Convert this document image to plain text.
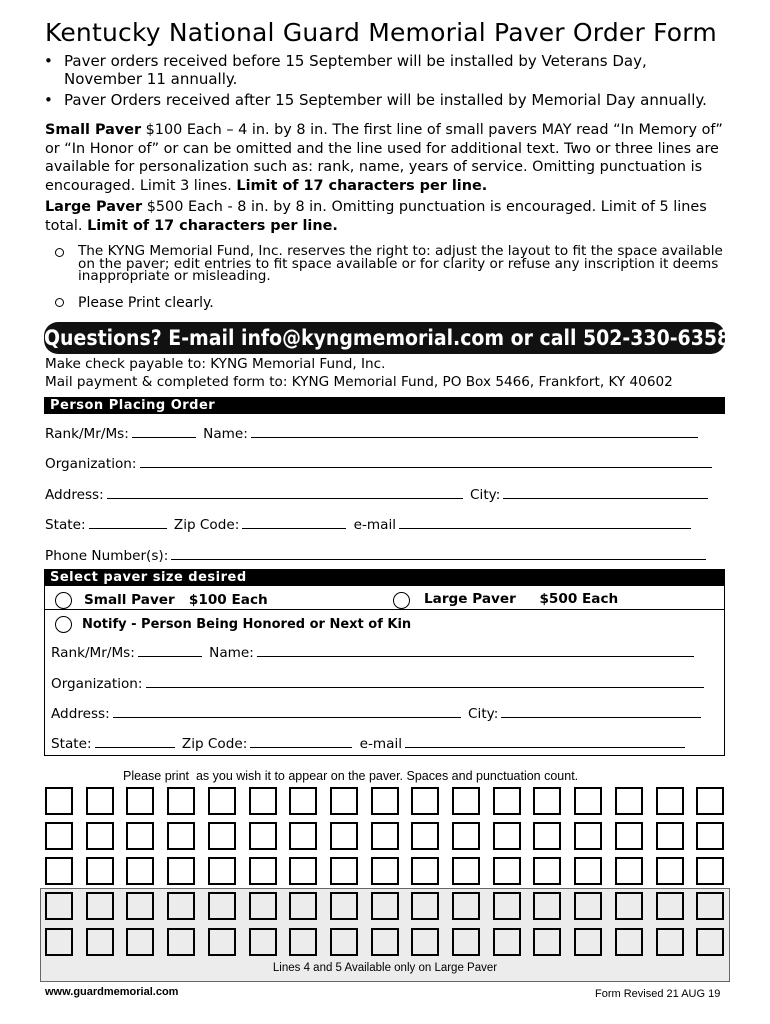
Kentucky National Guard Memorial Paver Order Form
• Paver orders received before 15 September will be installed by Veterans Day,
November 11 annually.
• Paver Orders received after 15 September will be installed by Memorial Day annually.
Small Paver $100 Each – 4 in. by 8 in. The first line of small pavers MAY read “In Memory of”
or “In Honor of” or can be omitted and the line used for additional text. Two or three lines are
available for personalization such as: rank, name, years of service. Omitting punctuation is
encouraged. Limit 3 lines. Limit of 17 characters per line.
Large Paver $500 Each - 8 in. by 8 in. Omitting punctuation is encouraged. Limit of 5 lines
total. Limit of 17 characters per line.
The KYNG Memorial Fund, Inc. reserves the right to: adjust the layout to fit the space available
on the paver; edit entries to fit space available or for clarity or refuse any inscription it deems
inappropriate or misleading.
Please Print clearly.
Questions? E-mail info@kyngmemorial.com or call 502-330-6358
Make check payable to: KYNG Memorial Fund, Inc.
Mail payment & completed form to: KYNG Memorial Fund, PO Box 5466, Frankfort, KY 40602
Person Placing Order
Rank/Mr/Ms:	Name:
Organization:
Address:	City:
State:	Zip Code:	e-mail
Phone Number(s):
Select paver size desired
Small Paver   $100 Each	Large Paver     $500 Each
Notify - Person Being Honored or Next of Kin
Rank/Mr/Ms:	Name:
Organization:
Address:	City:
State:	Zip Code:	e-mail
Please print  as you wish it to appear on the paver. Spaces and punctuation count.
Lines 4 and 5 Available only on Large Paver
www.guardmemorial.com	Form Revised 21 AUG 19
